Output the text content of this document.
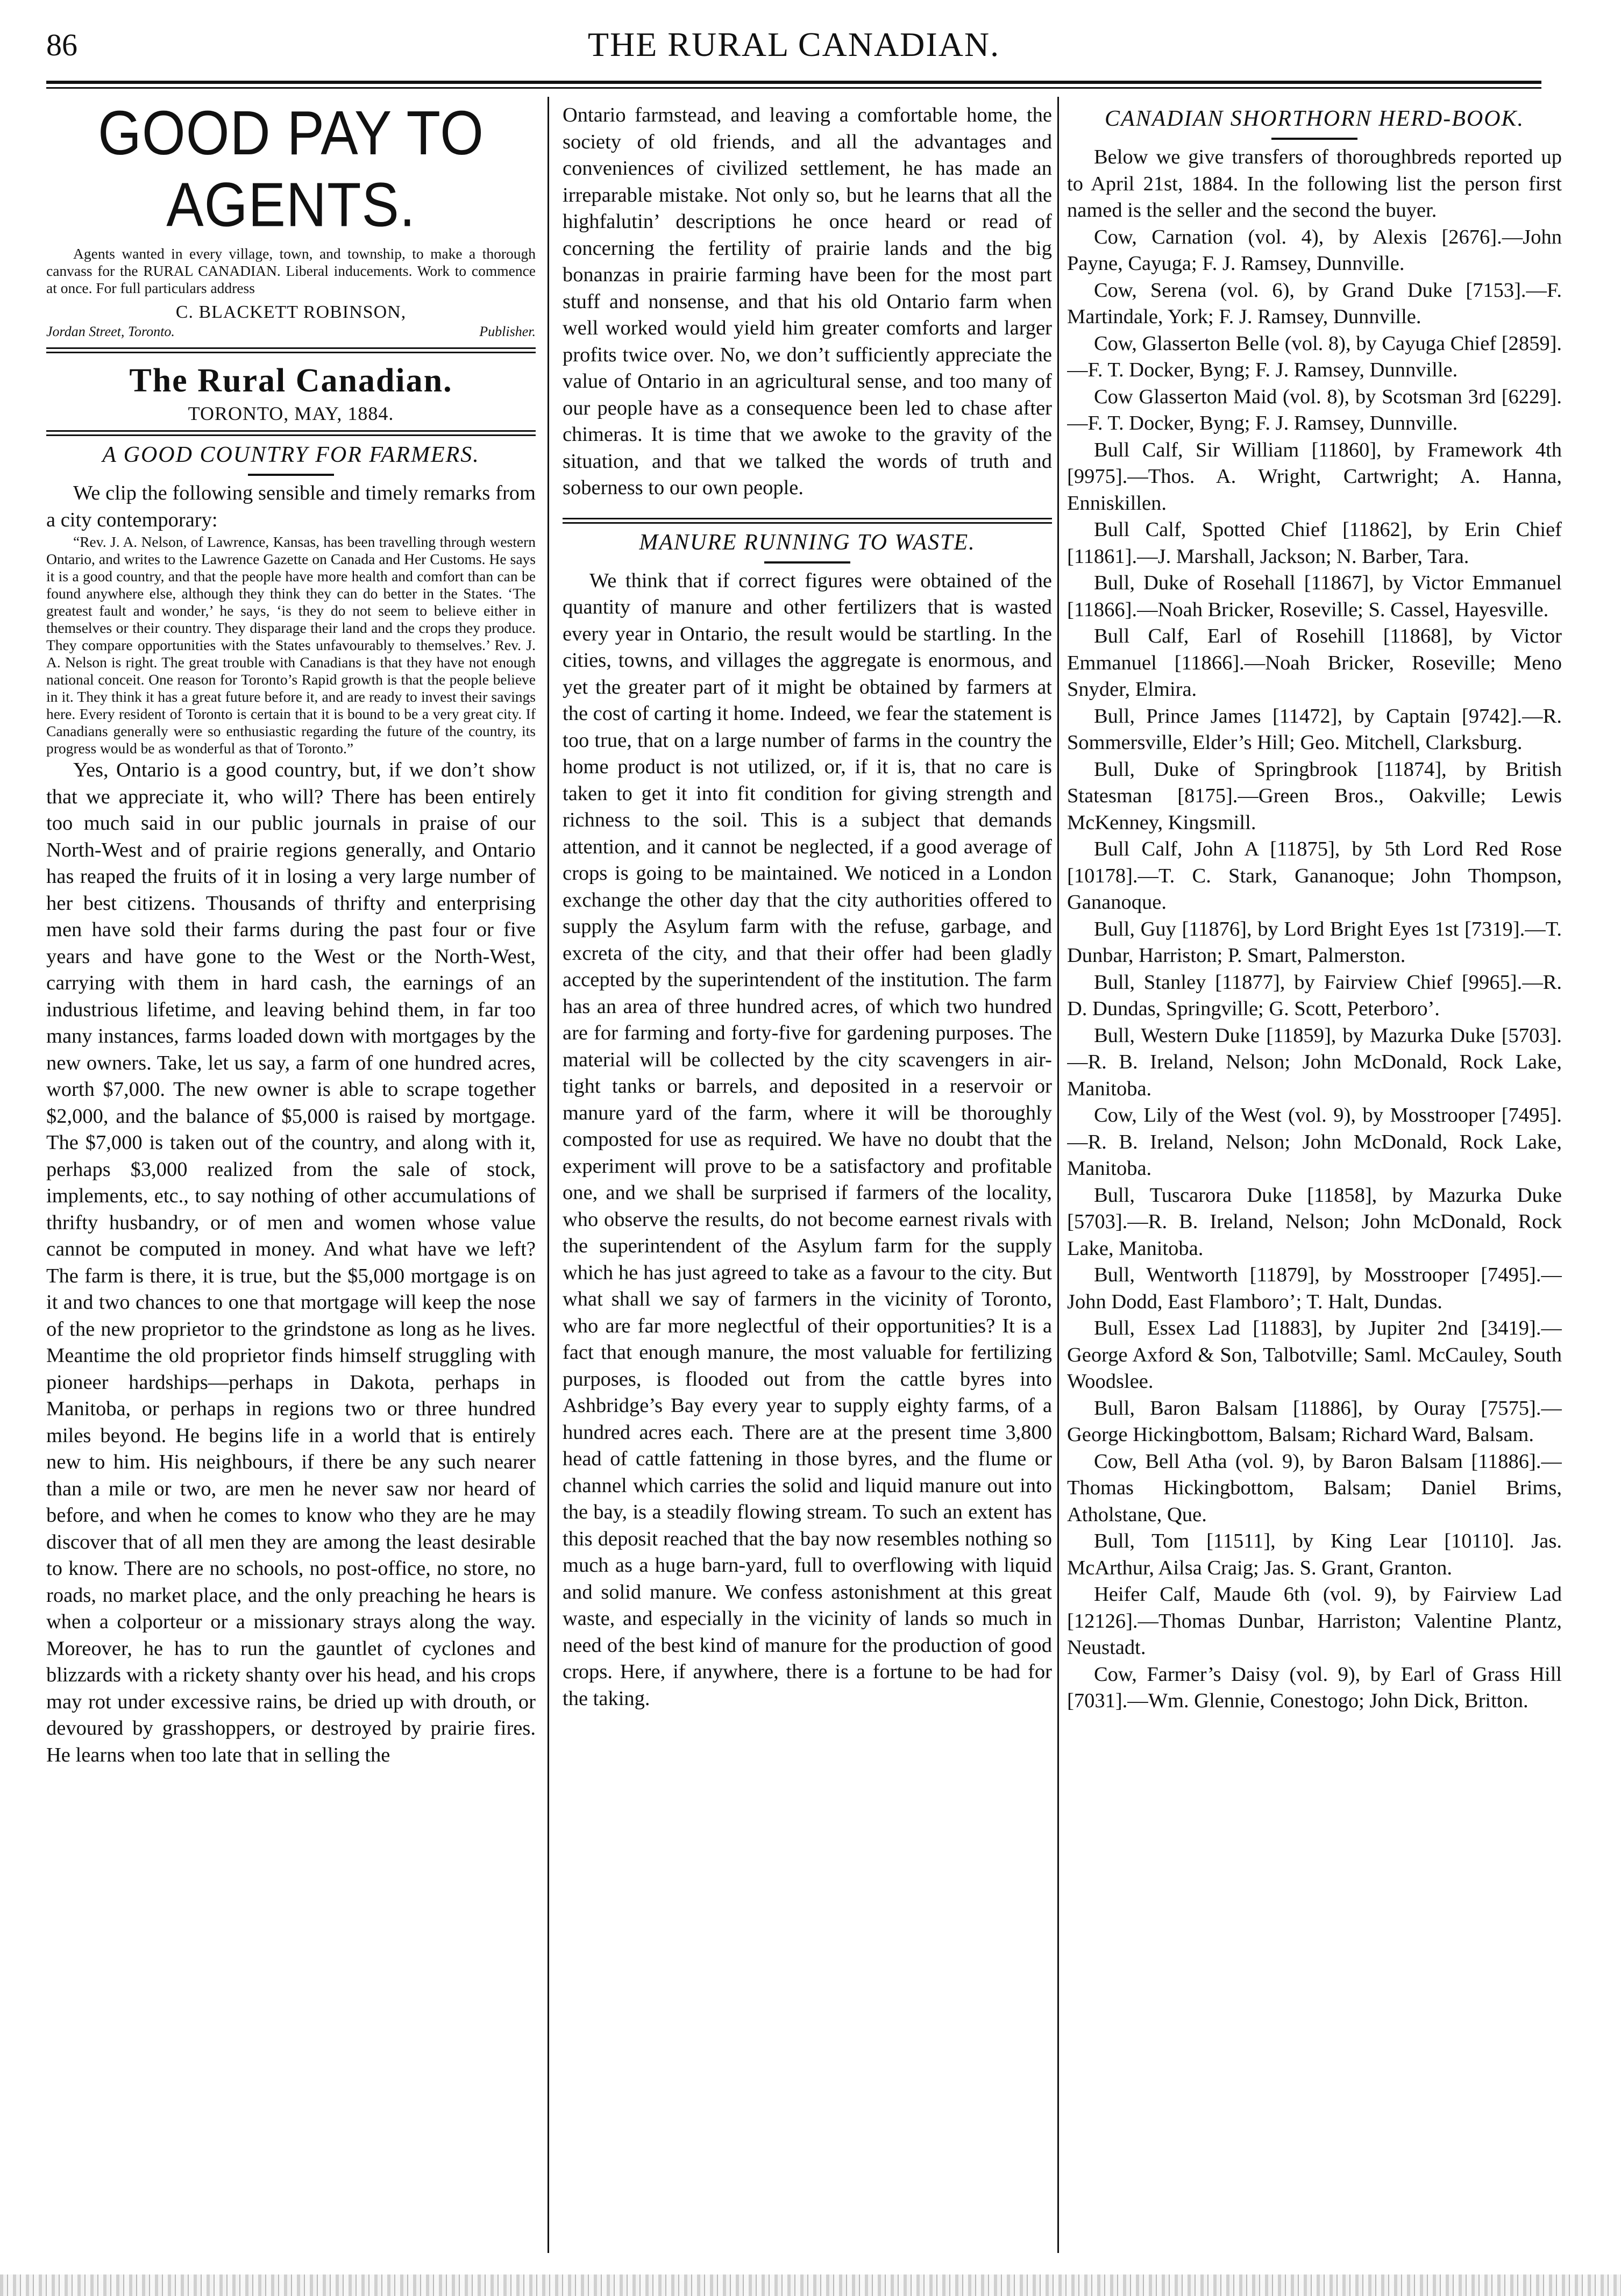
86	THE RURAL CANADIAN.
GOOD PAY TO AGENTS.

Agents wanted in every village, town, and township, to make a thorough canvass for the RURAL CANADIAN. Liberal inducements. Work to commence at once. For full particulars address

C. BLACKETT ROBINSON,
Jordan Street, Toronto.	Publisher.
The Rural Canadian.
TORONTO, MAY, 1884.
A GOOD COUNTRY FOR FARMERS.

We clip the following sensible and timely remarks from a city contemporary:

“Rev. J. A. Nelson, of Lawrence, Kansas, has been travelling through western Ontario, and writes to the Lawrence Gazette on Canada and Her Customs. He says it is a good country, and that the people have more health and comfort than can be found anywhere else, although they think they can do better in the States. ‘The greatest fault and wonder,’ he says, ‘is they do not seem to believe either in themselves or their country. They disparage their land and the crops they produce. They compare opportunities with the States unfavourably to themselves.’ Rev. J. A. Nelson is right. The great trouble with Canadians is that they have not enough national conceit. One reason for Toronto’s Rapid growth is that the people believe in it. They think it has a great future before it, and are ready to invest their savings here. Every resident of Toronto is certain that it is bound to be a very great city. If Canadians generally were so enthusiastic regarding the future of the country, its progress would be as wonderful as that of Toronto.”

Yes, Ontario is a good country, but, if we don’t show that we appreciate it, who will? There has been entirely too much said in our public journals in praise of our North-West and of prairie regions generally, and Ontario has reaped the fruits of it in losing a very large number of her best citizens. Thousands of thrifty and enterprising men have sold their farms during the past four or five years and have gone to the West or the North-West, carrying with them in hard cash, the earnings of an industrious lifetime, and leaving behind them, in far too many instances, farms loaded down with mortgages by the new owners. Take, let us say, a farm of one hundred acres, worth $7,000. The new owner is able to scrape together $2,000, and the balance of $5,000 is raised by mortgage. The $7,000 is taken out of the country, and along with it, perhaps $3,000 realized from the sale of stock, implements, etc., to say nothing of other accumulations of thrifty husbandry, or of men and women whose value cannot be computed in money. And what have we left? The farm is there, it is true, but the $5,000 mortgage is on it and two chances to one that mortgage will keep the nose of the new proprietor to the grindstone as long as he lives. Meantime the old proprietor finds himself struggling with pioneer hardships—perhaps in Dakota, perhaps in Manitoba, or perhaps in regions two or three hundred miles beyond. He begins life in a world that is entirely new to him. His neighbours, if there be any such nearer than a mile or two, are men he never saw nor heard of before, and when he comes to know who they are he may discover that of all men they are among the least desirable to know. There are no schools, no post-office, no store, no roads, no market place, and the only preaching he hears is when a colporteur or a missionary strays along the way. Moreover, he has to run the gauntlet of cyclones and blizzards with a rickety shanty over his head, and his crops may rot under excessive rains, be dried up with drouth, or devoured by grasshoppers, or destroyed by prairie fires. He learns when too late that in selling the

Ontario farmstead, and leaving a comfortable home, the society of old friends, and all the advantages and conveniences of civilized settlement, he has made an irreparable mistake. Not only so, but he learns that all the highfalutin’ descriptions he once heard or read of concerning the fertility of prairie lands and the big bonanzas in prairie farming have been for the most part stuff and nonsense, and that his old Ontario farm when well worked would yield him greater comforts and larger profits twice over. No, we don’t sufficiently appreciate the value of Ontario in an agricultural sense, and too many of our people have as a consequence been led to chase after chimeras. It is time that we awoke to the gravity of the situation, and that we talked the words of truth and soberness to our own people.

MANURE RUNNING TO WASTE.

We think that if correct figures were obtained of the quantity of manure and other fertilizers that is wasted every year in Ontario, the result would be startling. In the cities, towns, and villages the aggregate is enormous, and yet the greater part of it might be obtained by farmers at the cost of carting it home. Indeed, we fear the statement is too true, that on a large number of farms in the country the home product is not utilized, or, if it is, that no care is taken to get it into fit condition for giving strength and richness to the soil. This is a subject that demands attention, and it cannot be neglected, if a good average of crops is going to be maintained. We noticed in a London exchange the other day that the city authorities offered to supply the Asylum farm with the refuse, garbage, and excreta of the city, and that their offer had been gladly accepted by the superintendent of the institution. The farm has an area of three hundred acres, of which two hundred are for farming and forty-five for gardening purposes. The material will be collected by the city scavengers in air-tight tanks or barrels, and deposited in a reservoir or manure yard of the farm, where it will be thoroughly composted for use as required. We have no doubt that the experiment will prove to be a satisfactory and profitable one, and we shall be surprised if farmers of the locality, who observe the results, do not become earnest rivals with the superintendent of the Asylum farm for the supply which he has just agreed to take as a favour to the city. But what shall we say of farmers in the vicinity of Toronto, who are far more neglectful of their opportunities? It is a fact that enough manure, the most valuable for fertilizing purposes, is flooded out from the cattle byres into Ashbridge’s Bay every year to supply eighty farms, of a hundred acres each. There are at the present time 3,800 head of cattle fattening in those byres, and the flume or channel which carries the solid and liquid manure out into the bay, is a steadily flowing stream. To such an extent has this deposit reached that the bay now resembles nothing so much as a huge barn-yard, full to overflowing with liquid and solid manure. We confess astonishment at this great waste, and especially in the vicinity of lands so much in need of the best kind of manure for the production of good crops. Here, if anywhere, there is a fortune to be had for the taking.

CANADIAN SHORTHORN HERD-BOOK.

Below we give transfers of thoroughbreds reported up to April 21st, 1884. In the following list the person first named is the seller and the second the buyer.

Cow, Carnation (vol. 4), by Alexis [2676].—John Payne, Cayuga; F. J. Ramsey, Dunnville.

Cow, Serena (vol. 6), by Grand Duke [7153].—F. Martindale, York; F. J. Ramsey, Dunnville.

Cow, Glasserton Belle (vol. 8), by Cayuga Chief [2859].—F. T. Docker, Byng; F. J. Ramsey, Dunnville.

Cow Glasserton Maid (vol. 8), by Scotsman 3rd [6229].—F. T. Docker, Byng; F. J. Ramsey, Dunnville.

Bull Calf, Sir William [11860], by Framework 4th [9975].—Thos. A. Wright, Cartwright; A. Hanna, Enniskillen.

Bull Calf, Spotted Chief [11862], by Erin Chief [11861].—J. Marshall, Jackson; N. Barber, Tara.

Bull, Duke of Rosehall [11867], by Victor Emmanuel [11866].—Noah Bricker, Roseville; S. Cassel, Hayesville.

Bull Calf, Earl of Rosehill [11868], by Victor Emmanuel [11866].—Noah Bricker, Roseville; Meno Snyder, Elmira.

Bull, Prince James [11472], by Captain [9742].—R. Sommersville, Elder’s Hill; Geo. Mitchell, Clarksburg.

Bull, Duke of Springbrook [11874], by British Statesman [8175].—Green Bros., Oakville; Lewis McKenney, Kingsmill.

Bull Calf, John A [11875], by 5th Lord Red Rose [10178].—T. C. Stark, Gananoque; John Thompson, Gananoque.

Bull, Guy [11876], by Lord Bright Eyes 1st [7319].—T. Dunbar, Harriston; P. Smart, Palmerston.

Bull, Stanley [11877], by Fairview Chief [9965].—R. D. Dundas, Springville; G. Scott, Peterboro’.

Bull, Western Duke [11859], by Mazurka Duke [5703].—R. B. Ireland, Nelson; John McDonald, Rock Lake, Manitoba.

Cow, Lily of the West (vol. 9), by Mosstrooper [7495].—R. B. Ireland, Nelson; John McDonald, Rock Lake, Manitoba.

Bull, Tuscarora Duke [11858], by Mazurka Duke [5703].—R. B. Ireland, Nelson; John McDonald, Rock Lake, Manitoba.

Bull, Wentworth [11879], by Mosstrooper [7495].—John Dodd, East Flamboro’; T. Halt, Dundas.

Bull, Essex Lad [11883], by Jupiter 2nd [3419].—George Axford & Son, Talbotville; Saml. McCauley, South Woodslee.

Bull, Baron Balsam [11886], by Ouray [7575].—George Hickingbottom, Balsam; Richard Ward, Balsam.

Cow, Bell Atha (vol. 9), by Baron Balsam [11886].—Thomas Hickingbottom, Balsam; Daniel Brims, Atholstane, Que.

Bull, Tom [11511], by King Lear [10110]. Jas. McArthur, Ailsa Craig; Jas. S. Grant, Granton.

Heifer Calf, Maude 6th (vol. 9), by Fairview Lad [12126].—Thomas Dunbar, Harriston; Valentine Plantz, Neustadt.

Cow, Farmer’s Daisy (vol. 9), by Earl of Grass Hill [7031].—Wm. Glennie, Conestogo; John Dick, Britton.
